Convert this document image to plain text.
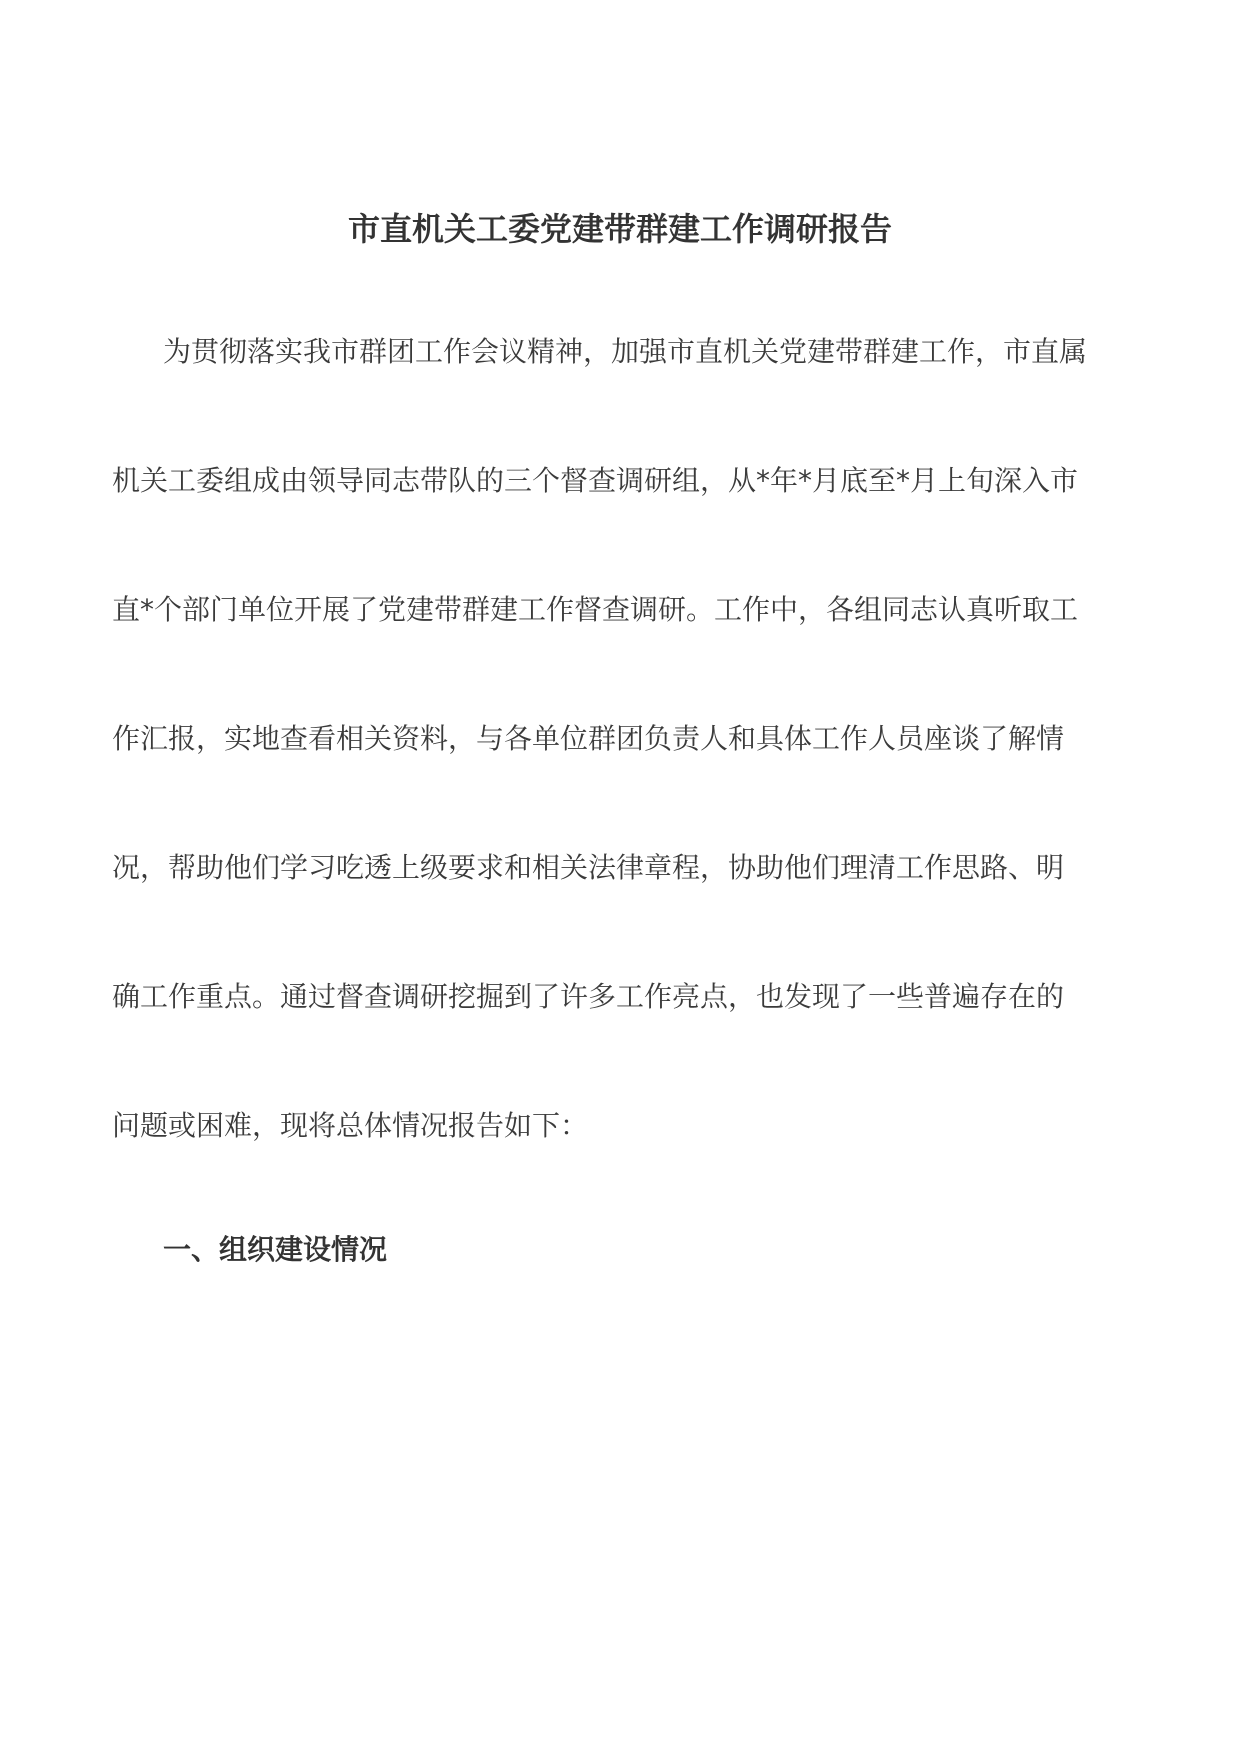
市直机关工委党建带群建工作调研报告
为贯彻落实我市群团工作会议精神，加强市直机关党建带群建工作，市直属
机关工委组成由领导同志带队的三个督查调研组，从*年*月底至*月上旬深入市
直*个部门单位开展了党建带群建工作督查调研。工作中，各组同志认真听取工
作汇报，实地查看相关资料，与各单位群团负责人和具体工作人员座谈了解情
况，帮助他们学习吃透上级要求和相关法律章程，协助他们理清工作思路、明
确工作重点。通过督查调研挖掘到了许多工作亮点，也发现了一些普遍存在的
问题或困难，现将总体情况报告如下：
一、组织建设情况
